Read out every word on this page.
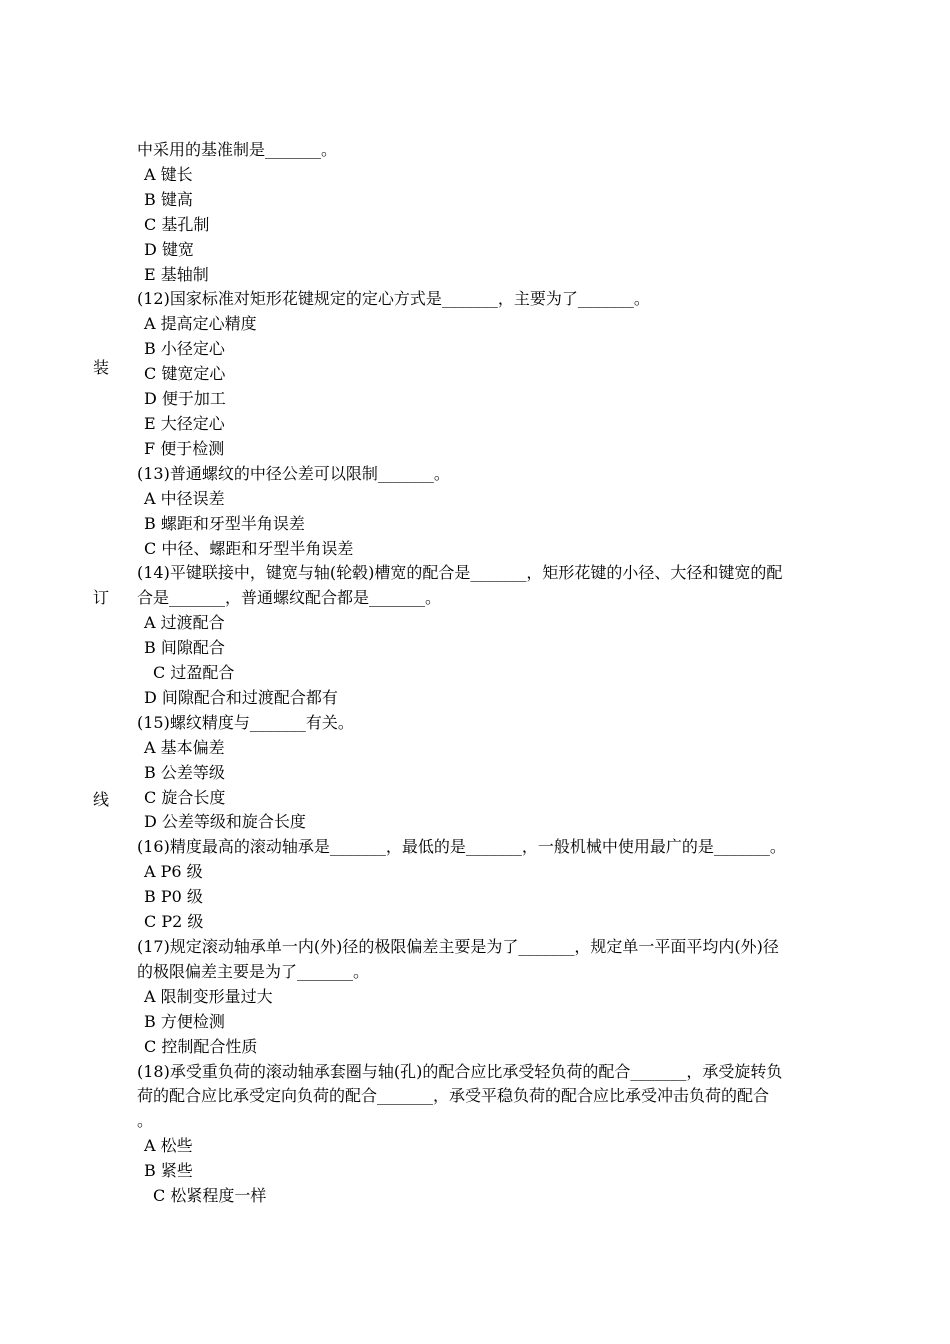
装
订
线
中采用的基准制是_______。
A 键长
B 键高
C 基孔制
D 键宽
E 基轴制
(12)国家标准对矩形花键规定的定心方式是_______，主要为了_______。
A 提高定心精度
B 小径定心
C 键宽定心
D 便于加工
E 大径定心
F 便于检测
(13)普通螺纹的中径公差可以限制_______。
A 中径误差
B 螺距和牙型半角误差
C 中径、螺距和牙型半角误差
(14)平键联接中，键宽与轴(轮毂)槽宽的配合是_______，矩形花键的小径、大径和键宽的配
合是_______，普通螺纹配合都是_______。
A 过渡配合
B 间隙配合
C 过盈配合
D 间隙配合和过渡配合都有
(15)螺纹精度与_______有关。
A 基本偏差
B 公差等级
C 旋合长度
D 公差等级和旋合长度
(16)精度最高的滚动轴承是_______，最低的是_______，一般机械中使用最广的是_______。
A P6 级
B P0 级
C P2 级
(17)规定滚动轴承单一内(外)径的极限偏差主要是为了_______，规定单一平面平均内(外)径
的极限偏差主要是为了_______。
A 限制变形量过大
B 方便检测
C 控制配合性质
(18)承受重负荷的滚动轴承套圈与轴(孔)的配合应比承受轻负荷的配合_______，承受旋转负
荷的配合应比承受定向负荷的配合_______，承受平稳负荷的配合应比承受冲击负荷的配合
。
A 松些
B 紧些
C 松紧程度一样
